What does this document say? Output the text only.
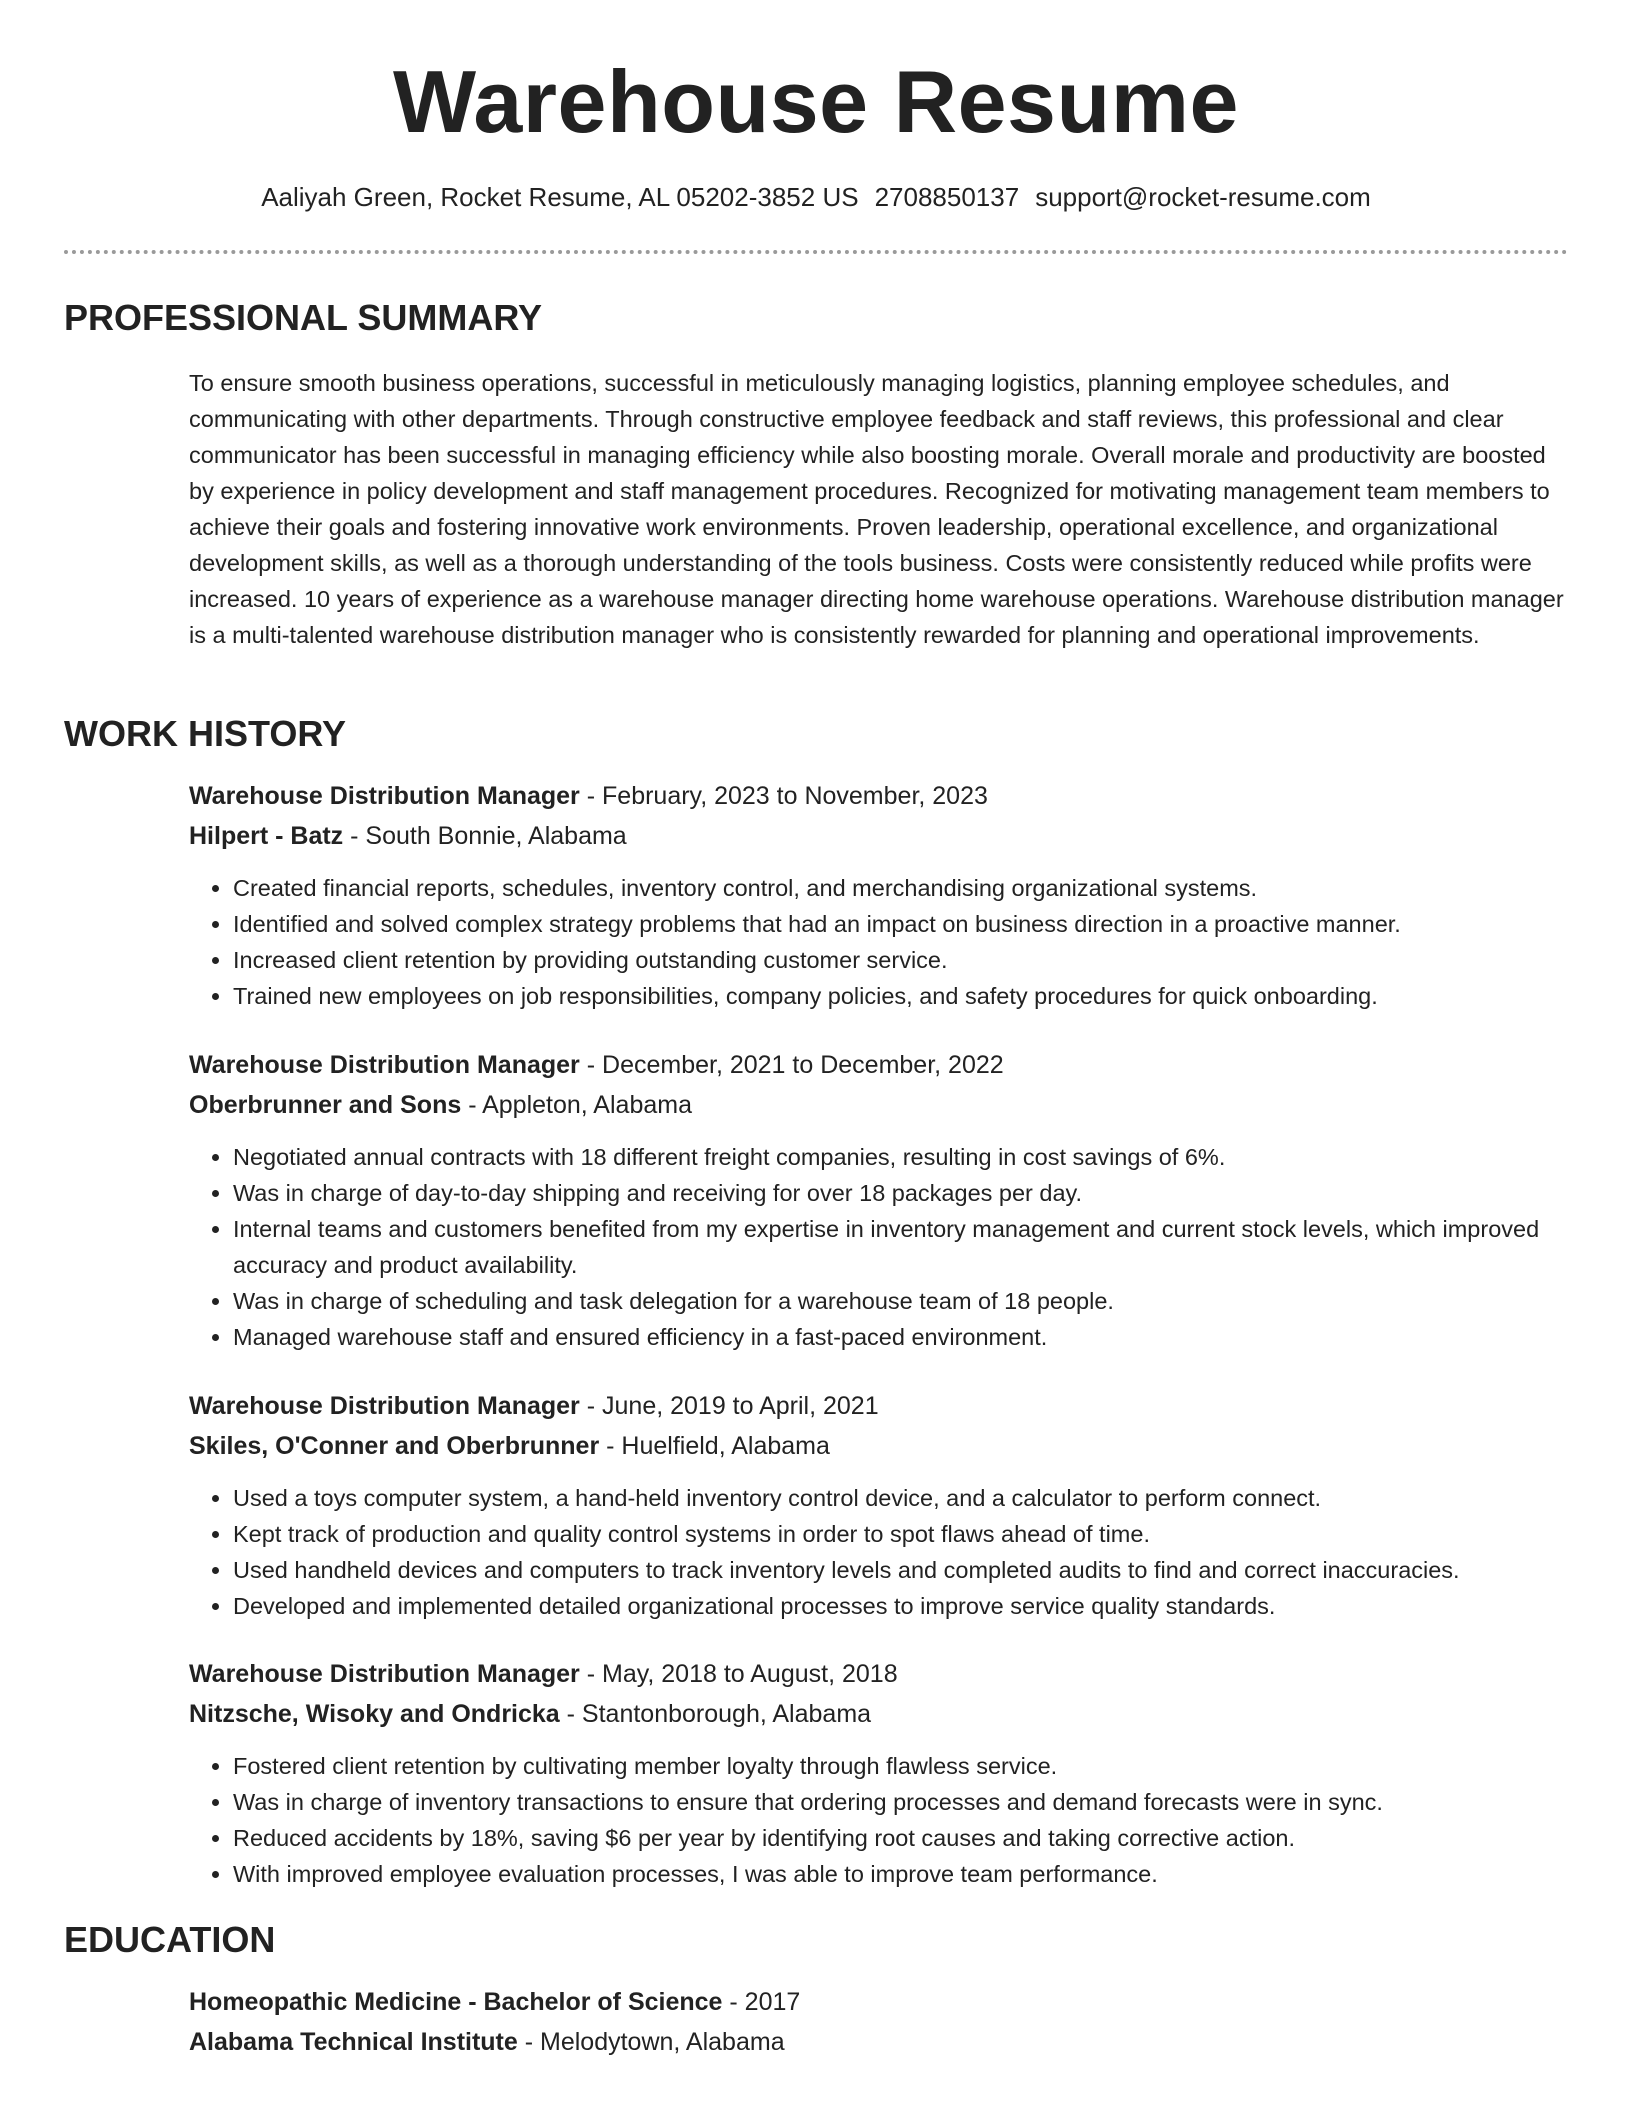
Warehouse Resume
Aaliyah Green, Rocket Resume, AL 05202-3852 US 2708850137 support@rocket-resume.com
PROFESSIONAL SUMMARY

To ensure smooth business operations, successful in meticulously managing logistics, planning employee schedules, and communicating with other departments. Through constructive employee feedback and staff reviews, this professional and clear communicator has been successful in managing efficiency while also boosting morale. Overall morale and productivity are boosted by experience in policy development and staff management procedures. Recognized for motivating management team members to achieve their goals and fostering innovative work environments. Proven leadership, operational excellence, and organizational development skills, as well as a thorough understanding of the tools business. Costs were consistently reduced while profits were increased. 10 years of experience as a warehouse manager directing home warehouse operations. Warehouse distribution manager is a multi-talented warehouse distribution manager who is consistently rewarded for planning and operational improvements.

WORK HISTORY
Warehouse Distribution Manager - February, 2023 to November, 2023
Hilpert - Batz - South Bonnie, Alabama
• Created financial reports, schedules, inventory control, and merchandising organizational systems.
• Identified and solved complex strategy problems that had an impact on business direction in a proactive manner.
• Increased client retention by providing outstanding customer service.
• Trained new employees on job responsibilities, company policies, and safety procedures for quick onboarding.
Warehouse Distribution Manager - December, 2021 to December, 2022
Oberbrunner and Sons - Appleton, Alabama
• Negotiated annual contracts with 18 different freight companies, resulting in cost savings of 6%.
• Was in charge of day-to-day shipping and receiving for over 18 packages per day.
• Internal teams and customers benefited from my expertise in inventory management and current stock levels, which improved accuracy and product availability.
• Was in charge of scheduling and task delegation for a warehouse team of 18 people.
• Managed warehouse staff and ensured efficiency in a fast-paced environment.
Warehouse Distribution Manager - June, 2019 to April, 2021
Skiles, O'Conner and Oberbrunner - Huelfield, Alabama
• Used a toys computer system, a hand-held inventory control device, and a calculator to perform connect.
• Kept track of production and quality control systems in order to spot flaws ahead of time.
• Used handheld devices and computers to track inventory levels and completed audits to find and correct inaccuracies.
• Developed and implemented detailed organizational processes to improve service quality standards.
Warehouse Distribution Manager - May, 2018 to August, 2018
Nitzsche, Wisoky and Ondricka - Stantonborough, Alabama
• Fostered client retention by cultivating member loyalty through flawless service.
• Was in charge of inventory transactions to ensure that ordering processes and demand forecasts were in sync.
• Reduced accidents by 18%, saving $6 per year by identifying root causes and taking corrective action.
• With improved employee evaluation processes, I was able to improve team performance.
EDUCATION
Homeopathic Medicine - Bachelor of Science - 2017
Alabama Technical Institute - Melodytown, Alabama
